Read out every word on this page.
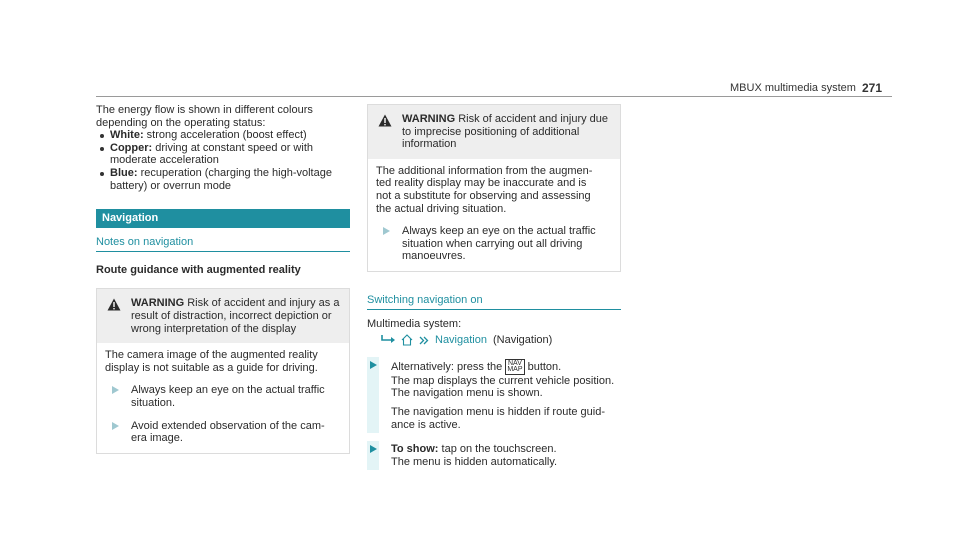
MBUX multimedia system 271

The energy flow is shown in different colours
depending on the operating status:

White: strong acceleration (boost effect)
Copper: driving at constant speed or with
moderate acceleration
Blue: recuperation (charging the high-voltage
battery) or overrun mode
Navigation
Notes on navigation
Route guidance with augmented reality
WARNING Risk of accident and injury as a
result of distraction, incorrect depiction or
wrong interpretation of the display

The camera image of the augmented reality
display is not suitable as a guide for driving.

Always keep an eye on the actual traffic
situation.
Avoid extended observation of the cam-
era image.
WARNING Risk of accident and injury due
to imprecise positioning of additional
information

The additional information from the augmen-
ted reality display may be inaccurate and is
not a substitute for observing and assessing
the actual driving situation.

Always keep an eye on the actual traffic
situation when carrying out all driving
manoeuvres.
Switching navigation on

Multimedia system:

Navigation (Navigation)
Alternatively: press the NAV
MAP button.
The map displays the current vehicle position.
The navigation menu is shown.

The navigation menu is hidden if route guid-
ance is active.

To show: tap on the touchscreen.
The menu is hidden automatically.
